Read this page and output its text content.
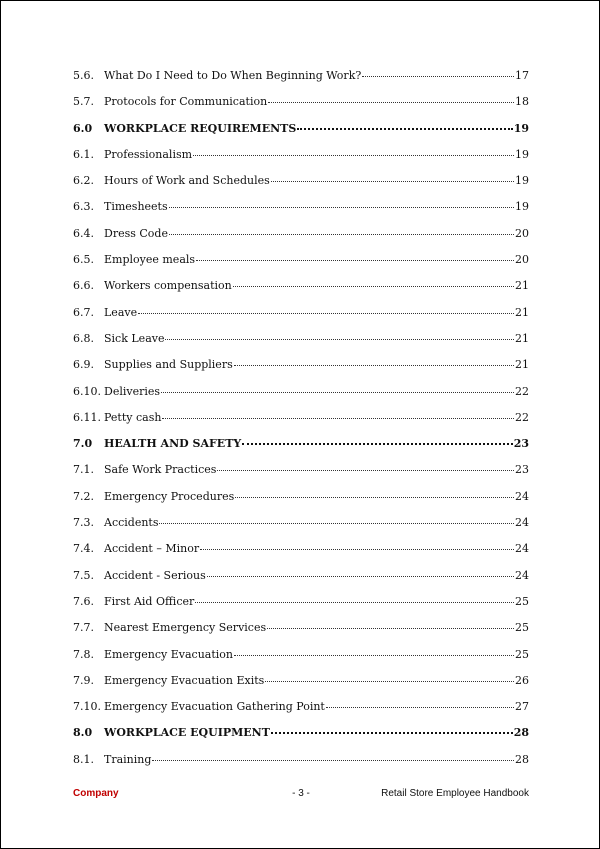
5.6. What Do I Need to Do When Beginning Work?	17
5.7. Protocols for Communication	18
6.0	WORKPLACE REQUIREMENTS	19
6.1. Professionalism	19
6.2. Hours of Work and Schedules	19
6.3. Timesheets	19
6.4. Dress Code	20
6.5. Employee meals	20
6.6. Workers compensation	21
6.7. Leave	21
6.8. Sick Leave	21
6.9. Supplies and Suppliers	21
6.10. Deliveries	22
6.11. Petty cash	22
7.0	HEALTH AND SAFETY	23
7.1. Safe Work Practices	23
7.2. Emergency Procedures	24
7.3. Accidents	24
7.4. Accident – Minor	24
7.5. Accident - Serious	24
7.6. First Aid Officer	25
7.7. Nearest Emergency Services	25
7.8. Emergency Evacuation	25
7.9. Emergency Evacuation Exits	26
7.10. Emergency Evacuation Gathering Point	27
8.0	WORKPLACE EQUIPMENT	28
8.1. Training	28
Company	- 3 -	Retail Store Employee Handbook
